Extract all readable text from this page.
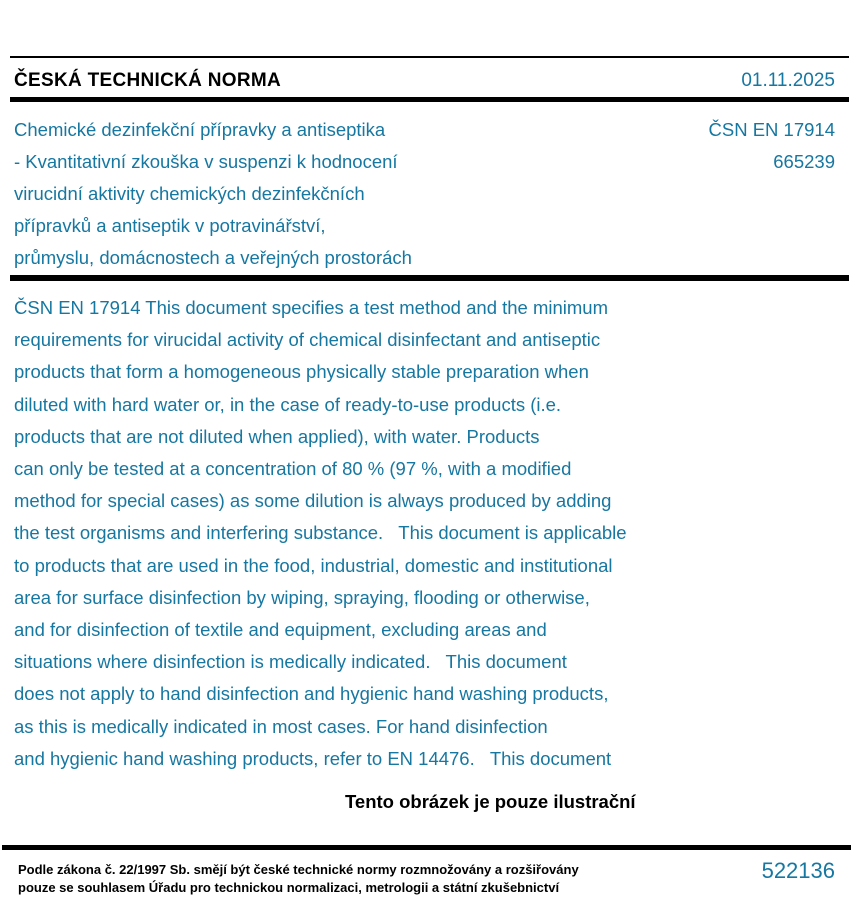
ČESKÁ TECHNICKÁ NORMA	01.11.2025
Chemické dezinfekční přípravky a antiseptika
- Kvantitativní zkouška v suspenzi k hodnocení
virucidní aktivity chemických dezinfekčních
přípravků a antiseptik v potravinářství,
průmyslu, domácnostech a veřejných prostorách
ČSN EN 17914
665239
ČSN EN 17914 This document specifies a test method and the minimum
requirements for virucidal activity of chemical disinfectant and antiseptic
products that form a homogeneous physically stable preparation when
diluted with hard water or, in the case of ready-to-use products (i.e.
products that are not diluted when applied), with water. Products
can only be tested at a concentration of 80 % (97 %, with a modified
method for special cases) as some dilution is always produced by adding
the test organisms and interfering substance.   This document is applicable
to products that are used in the food, industrial, domestic and institutional
area for surface disinfection by wiping, spraying, flooding or otherwise,
and for disinfection of textile and equipment, excluding areas and
situations where disinfection is medically indicated.   This document
does not apply to hand disinfection and hygienic hand washing products,
as this is medically indicated in most cases. For hand disinfection
and hygienic hand washing products, refer to EN 14476.   This document
Tento obrázek je pouze ilustrační
Podle zákona č. 22/1997 Sb. smějí být české technické normy rozmnožovány a rozšiřovány
pouze se souhlasem Úřadu pro technickou normalizaci, metrologii a státní zkušebnictví
522136
